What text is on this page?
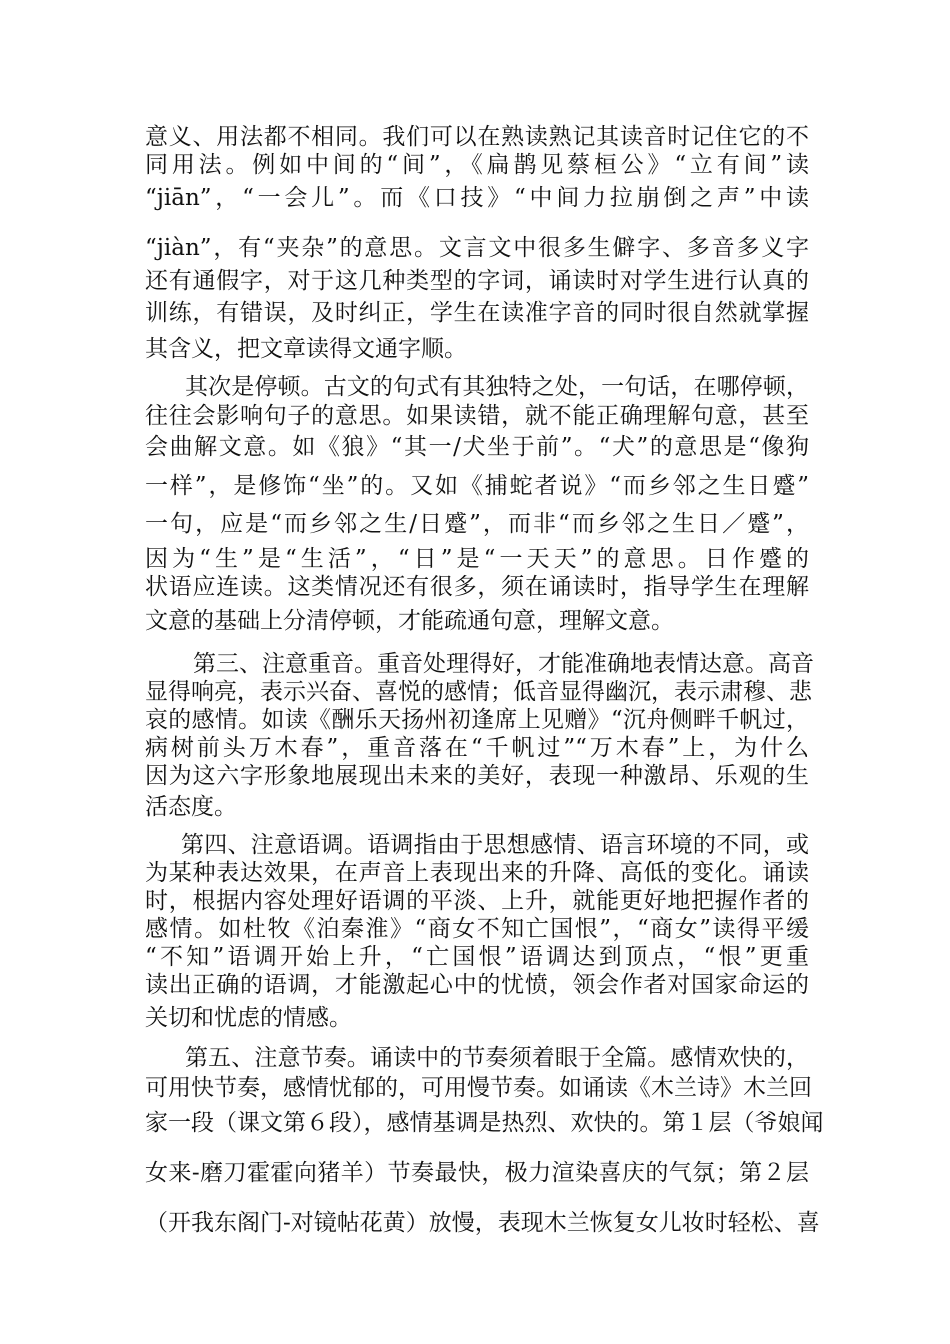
意义、用法都不相同。我们可以在熟读熟记其读音时记住它的不
同用法。例如中间的“间”，《扁鹊见蔡桓公》“立有间”读
“jiān”，“一会儿”。而《口技》“中间力拉崩倒之声”中读
“jiàn”，有“夹杂”的意思。文言文中很多生僻字、多音多义字
还有通假字，对于这几种类型的字词，诵读时对学生进行认真的
训练，有错误，及时纠正，学生在读准字音的同时很自然就掌握
其含义，把文章读得文通字顺。
其次是停顿。古文的句式有其独特之处，一句话，在哪停顿，
往往会影响句子的意思。如果读错，就不能正确理解句意，甚至
会曲解文意。如《狼》“其一/犬坐于前”。“犬”的意思是“像狗
一样”，是修饰“坐”的。又如《捕蛇者说》“而乡邻之生日蹙”
一句，应是“而乡邻之生/日蹙”，而非“而乡邻之生日／蹙”，
因为“生”是“生活”，“日”是“一天天”的意思。日作蹙的
状语应连读。这类情况还有很多，须在诵读时，指导学生在理解
文意的基础上分清停顿，才能疏通句意，理解文意。
第三、注意重音。重音处理得好，才能准确地表情达意。高音
显得响亮，表示兴奋、喜悦的感情；低音显得幽沉，表示肃穆、悲
哀的感情。如读《酬乐天扬州初逢席上见赠》“沉舟侧畔千帆过，
病树前头万木春”，重音落在“千帆过”“万木春”上，为什么
因为这六字形象地展现出未来的美好，表现一种激昂、乐观的生
活态度。
第四、注意语调。语调指由于思想感情、语言环境的不同，或
为某种表达效果，在声音上表现出来的升降、高低的变化。诵读
时，根据内容处理好语调的平淡、上升，就能更好地把握作者的
感情。如杜牧《泊秦淮》“商女不知亡国恨”，“商女”读得平缓
“不知”语调开始上升，“亡国恨”语调达到顶点，“恨”更重
读出正确的语调，才能激起心中的忧愤，领会作者对国家命运的
关切和忧虑的情感。
第五、注意节奏。诵读中的节奏须着眼于全篇。感情欢快的，
可用快节奏，感情忧郁的，可用慢节奏。如诵读《木兰诗》木兰回
家一段（课文第６段），感情基调是热烈、欢快的。第１层（爷娘闻
女来-磨刀霍霍向猪羊）节奏最快，极力渲染喜庆的气氛；第２层
（开我东阁门-对镜帖花黄）放慢，表现木兰恢复女儿妆时轻松、喜
